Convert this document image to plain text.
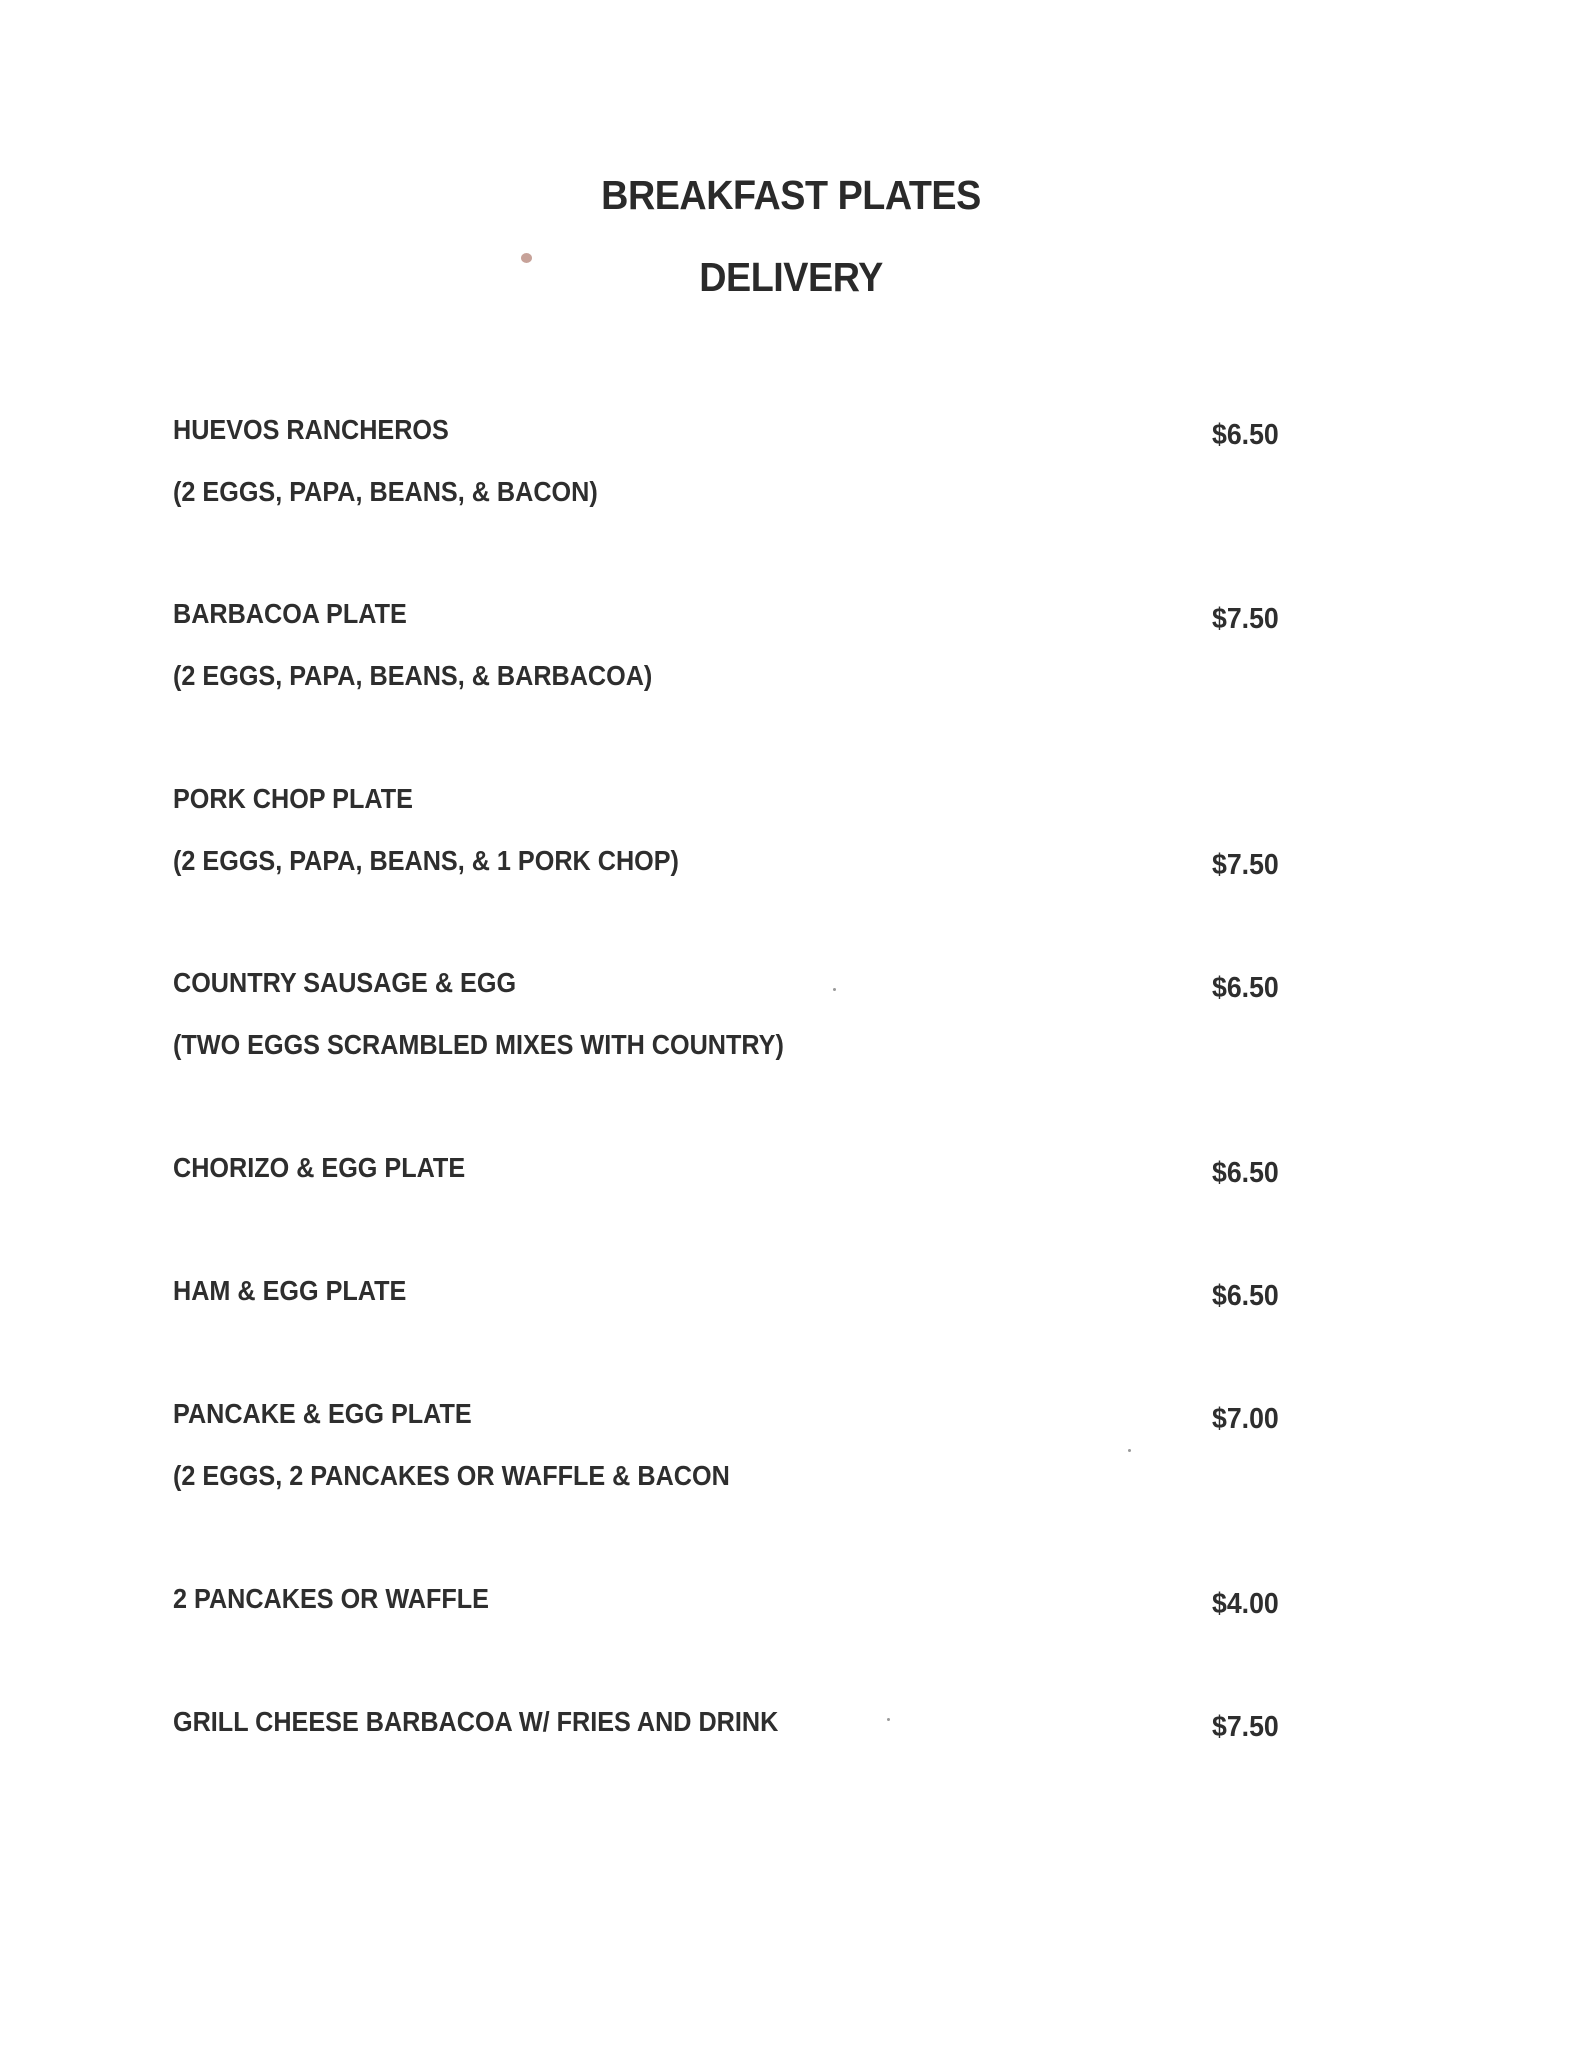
BREAKFAST PLATES
DELIVERY
HUEVOS RANCHEROS	$6.50
(2 EGGS, PAPA, BEANS, & BACON)
BARBACOA PLATE	$7.50
(2 EGGS, PAPA, BEANS, & BARBACOA)
PORK CHOP PLATE
(2 EGGS, PAPA, BEANS, & 1 PORK CHOP)	$7.50
COUNTRY SAUSAGE & EGG	$6.50
(TWO EGGS SCRAMBLED MIXES WITH COUNTRY)
CHORIZO & EGG PLATE	$6.50
HAM & EGG PLATE	$6.50
PANCAKE & EGG PLATE	$7.00
(2 EGGS, 2 PANCAKES OR WAFFLE & BACON
2 PANCAKES OR WAFFLE	$4.00
GRILL CHEESE BARBACOA W/ FRIES AND DRINK	$7.50
